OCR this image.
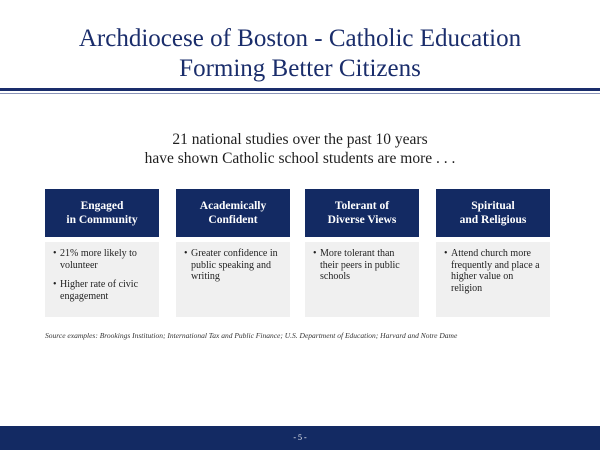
Archdiocese of Boston - Catholic Education
Forming Better Citizens
21 national studies over the past 10 years
have shown Catholic school students are more . . .
Engaged
in Community
• 21% more likely to volunteer
• Higher rate of civic engagement
Academically
Confident
• Greater confidence in public speaking and writing
Tolerant of
Diverse Views
• More tolerant than their peers in public schools
Spiritual
and Religious
• Attend church more frequently and place a higher value on religion
Source examples: Brookings Institution; International Tax and Public Finance; U.S. Department of Education; Harvard and Notre Dame
- 5 -
